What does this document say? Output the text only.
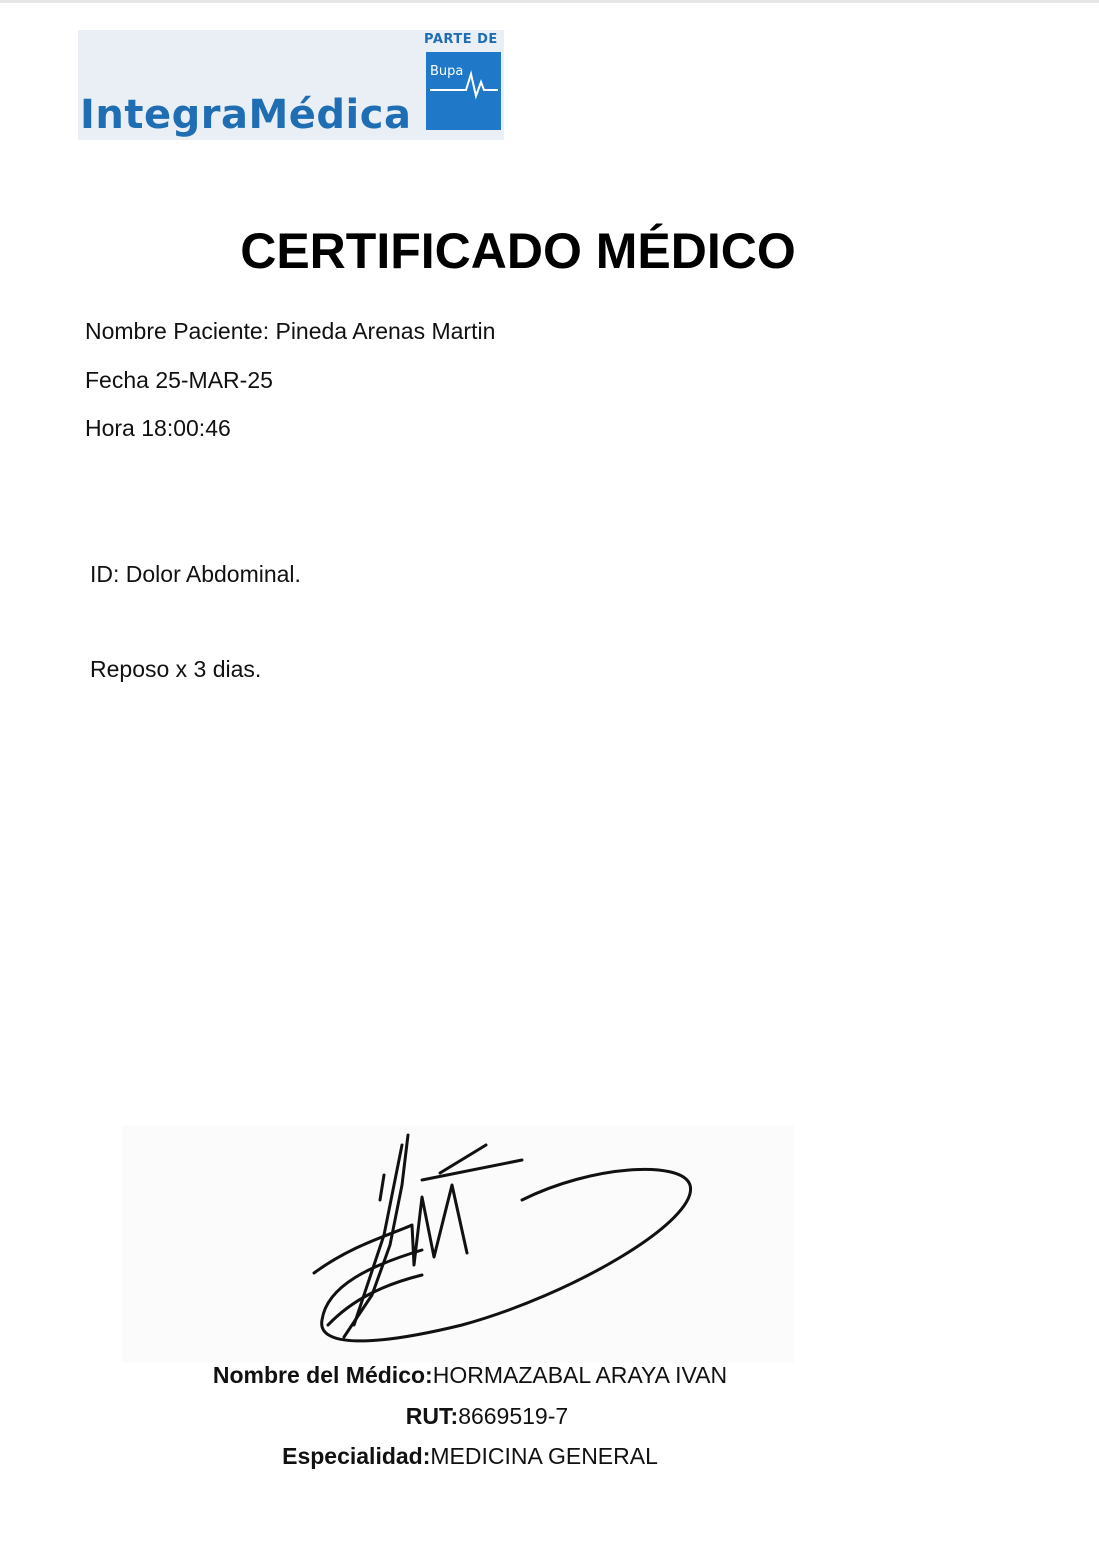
IntegraMédica
PARTE DE
Bupa
CERTIFICADO MÉDICO
Nombre Paciente: Pineda Arenas Martin
Fecha 25-MAR-25
Hora 18:00:46
ID: Dolor Abdominal.
Reposo x 3 dias.
Nombre del Médico:HORMAZABAL ARAYA IVAN
RUT:8669519-7
Especialidad:MEDICINA GENERAL
